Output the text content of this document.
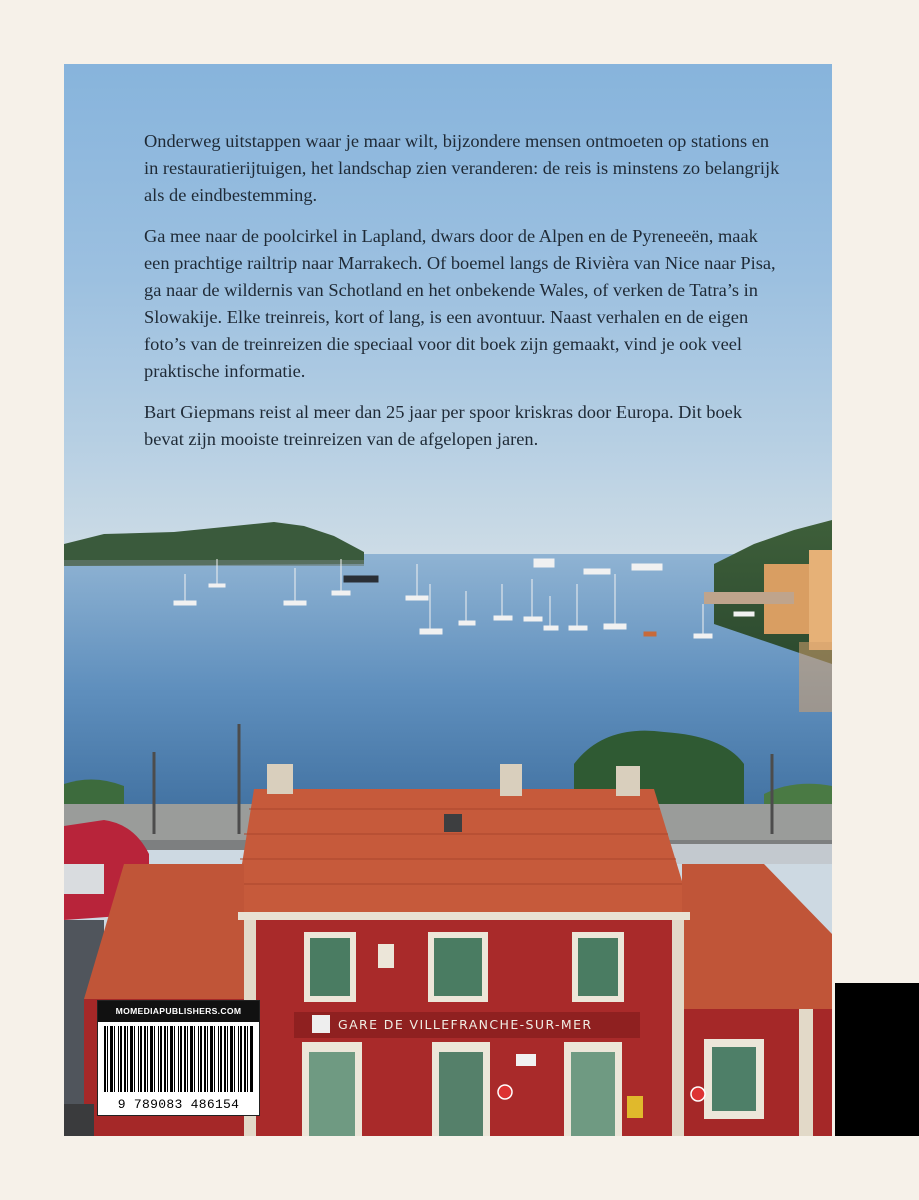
Onderweg uitstappen waar je maar wilt, bijzondere mensen ontmoeten op stations en in restauratierijtuigen, het landschap zien veranderen: de reis is minstens zo belangrijk als de eindbestemming.

Ga mee naar de poolcirkel in Lapland, dwars door de Alpen en de Pyreneeën, maak een prachtige railtrip naar Marrakech. Of boemel langs de Rivièra van Nice naar Pisa, ga naar de wildernis van Schotland en het onbekende Wales, of verken de Tatra’s in Slowakije. Elke treinreis, kort of lang, is een avontuur. Naast verhalen en de eigen foto’s van de treinreizen die speciaal voor dit boek zijn gemaakt, vind je ook veel praktische informatie.

Bart Giepmans reist al meer dan 25 jaar per spoor kriskras door Europa. Dit boek bevat zijn mooiste treinreizen van de afgelopen jaren.

GARE DE VILLEFRANCHE-SUR-MER
MOMEDIAPUBLISHERS.COM
9 789083 486154
